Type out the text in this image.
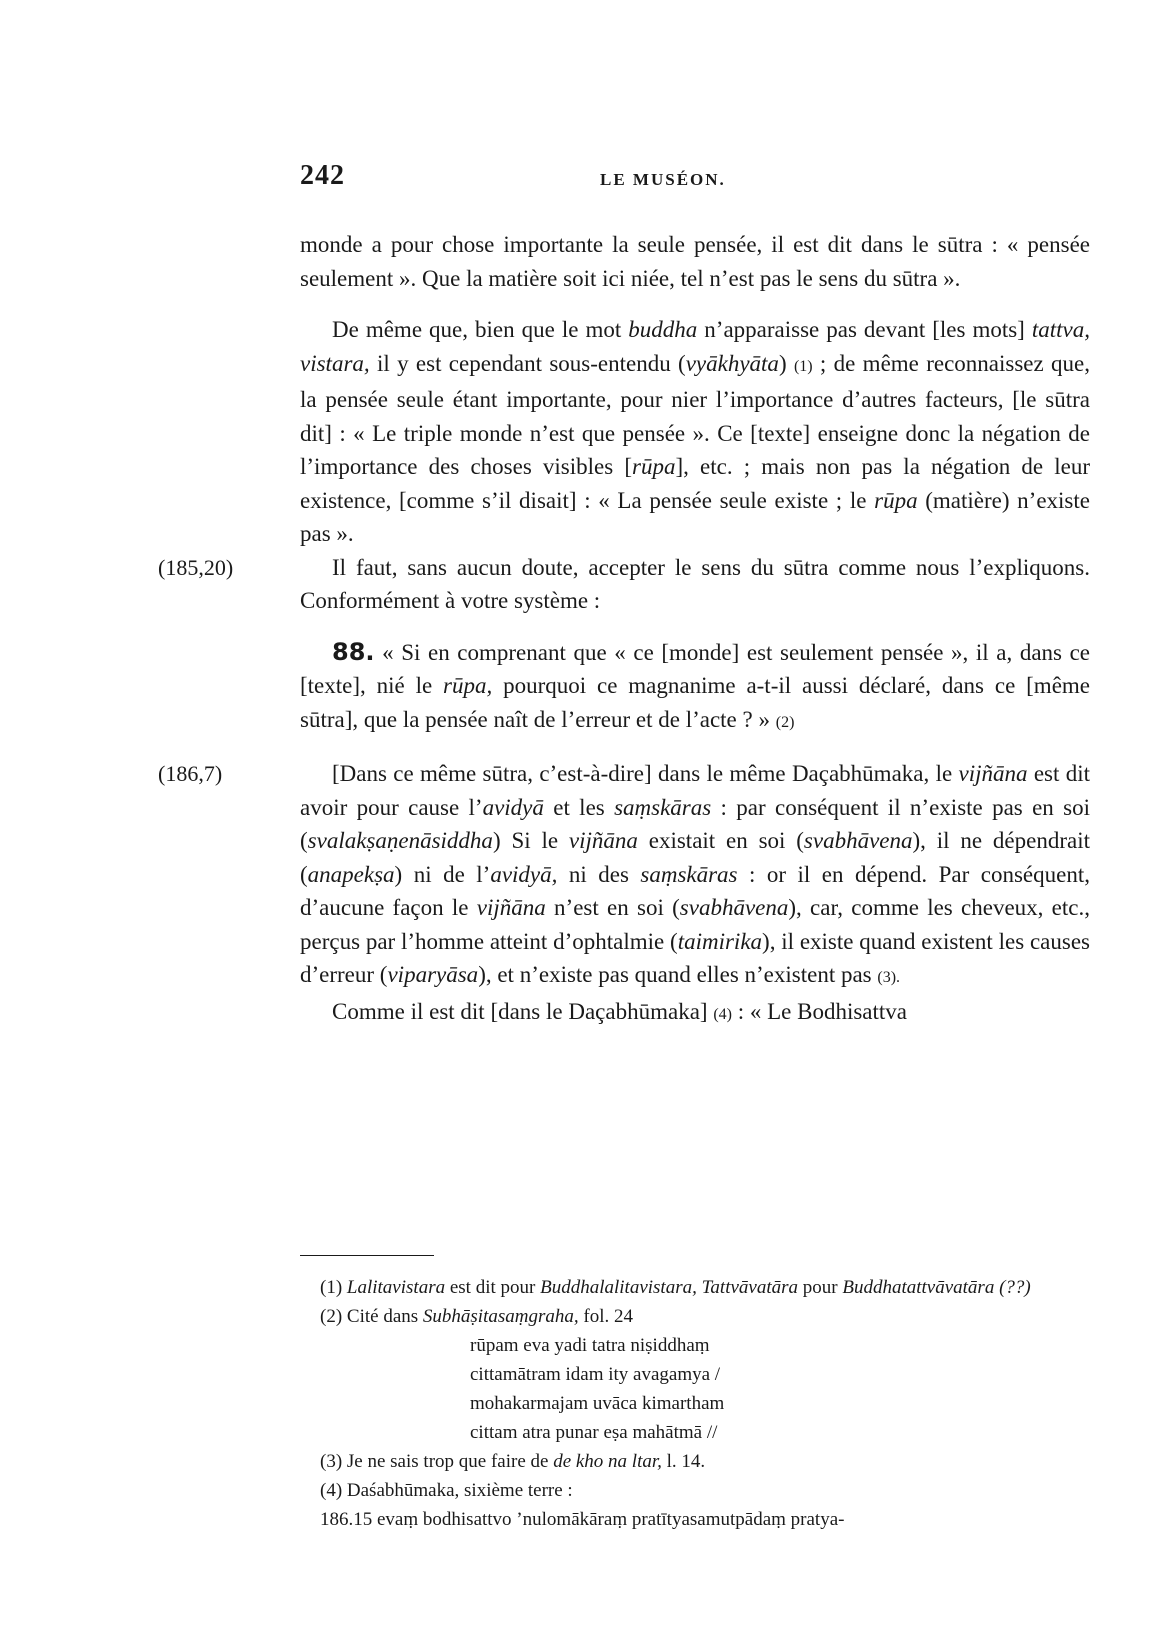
242	LE MUSÉON.

monde a pour chose importante la seule pensée, il est dit dans le sūtra : « pensée seulement ». Que la matière soit ici niée, tel n’est pas le sens du sūtra ».

De même que, bien que le mot buddha n’apparaisse pas devant [les mots] tattva, vistara, il y est cependant sous-entendu (vyākhyāta) (1) ; de même reconnaissez que, la pensée seule étant importante, pour nier l’importance d’autres facteurs, [le sūtra dit] : « Le triple monde n’est que pensée ». Ce [texte] enseigne donc la négation de l’importance des choses visibles [rūpa], etc. ; mais non pas la négation de leur existence, [comme s’il disait] : « La pensée seule existe ; le rūpa (matière) n’existe pas ».

(185,20)	Il faut, sans aucun doute, accepter le sens du sūtra comme nous l’expliquons. Conformément à votre système :

88. « Si en comprenant que « ce [monde] est seulement pensée », il a, dans ce [texte], nié le rūpa, pourquoi ce magnanime a-t-il aussi déclaré, dans ce [même sūtra], que la pensée naît de l’erreur et de l’acte ? » (2)

(186,7)	[Dans ce même sūtra, c’est-à-dire] dans le même Daçabhūmaka, le vijñāna est dit avoir pour cause l’avidyā et les saṃskāras : par conséquent il n’existe pas en soi (svalakṣaṇenāsiddha) Si le vijñāna existait en soi (svabhāvena), il ne dépendrait (anapekṣa) ni de l’avidyā, ni des saṃskāras : or il en dépend. Par conséquent, d’aucune façon le vijñāna n’est en soi (svabhāvena), car, comme les cheveux, etc., perçus par l’homme atteint d’ophtalmie (taimirika), il existe quand existent les causes d’erreur (viparyāsa), et n’existe pas quand elles n’existent pas (3).

Comme il est dit [dans le Daçabhūmaka] (4) : « Le Bodhisattva

(1) Lalitavistara est dit pour Buddhalalitavistara, Tattvāvatāra pour Buddhatattvāvatāra (??)

(2) Cité dans Subhāṣitasaṃgraha, fol. 24

rūpam eva yadi tatra niṣiddhaṃ

cittamātram idam ity avagamya /

mohakarmajam uvāca kimartham

cittam atra punar eṣa mahātmā //

(3) Je ne sais trop que faire de de kho na ltar, l. 14.

(4) Daśabhūmaka, sixième terre :

186.15 evaṃ bodhisattvo ’nulomākāraṃ pratītyasamutpādaṃ pratya-
